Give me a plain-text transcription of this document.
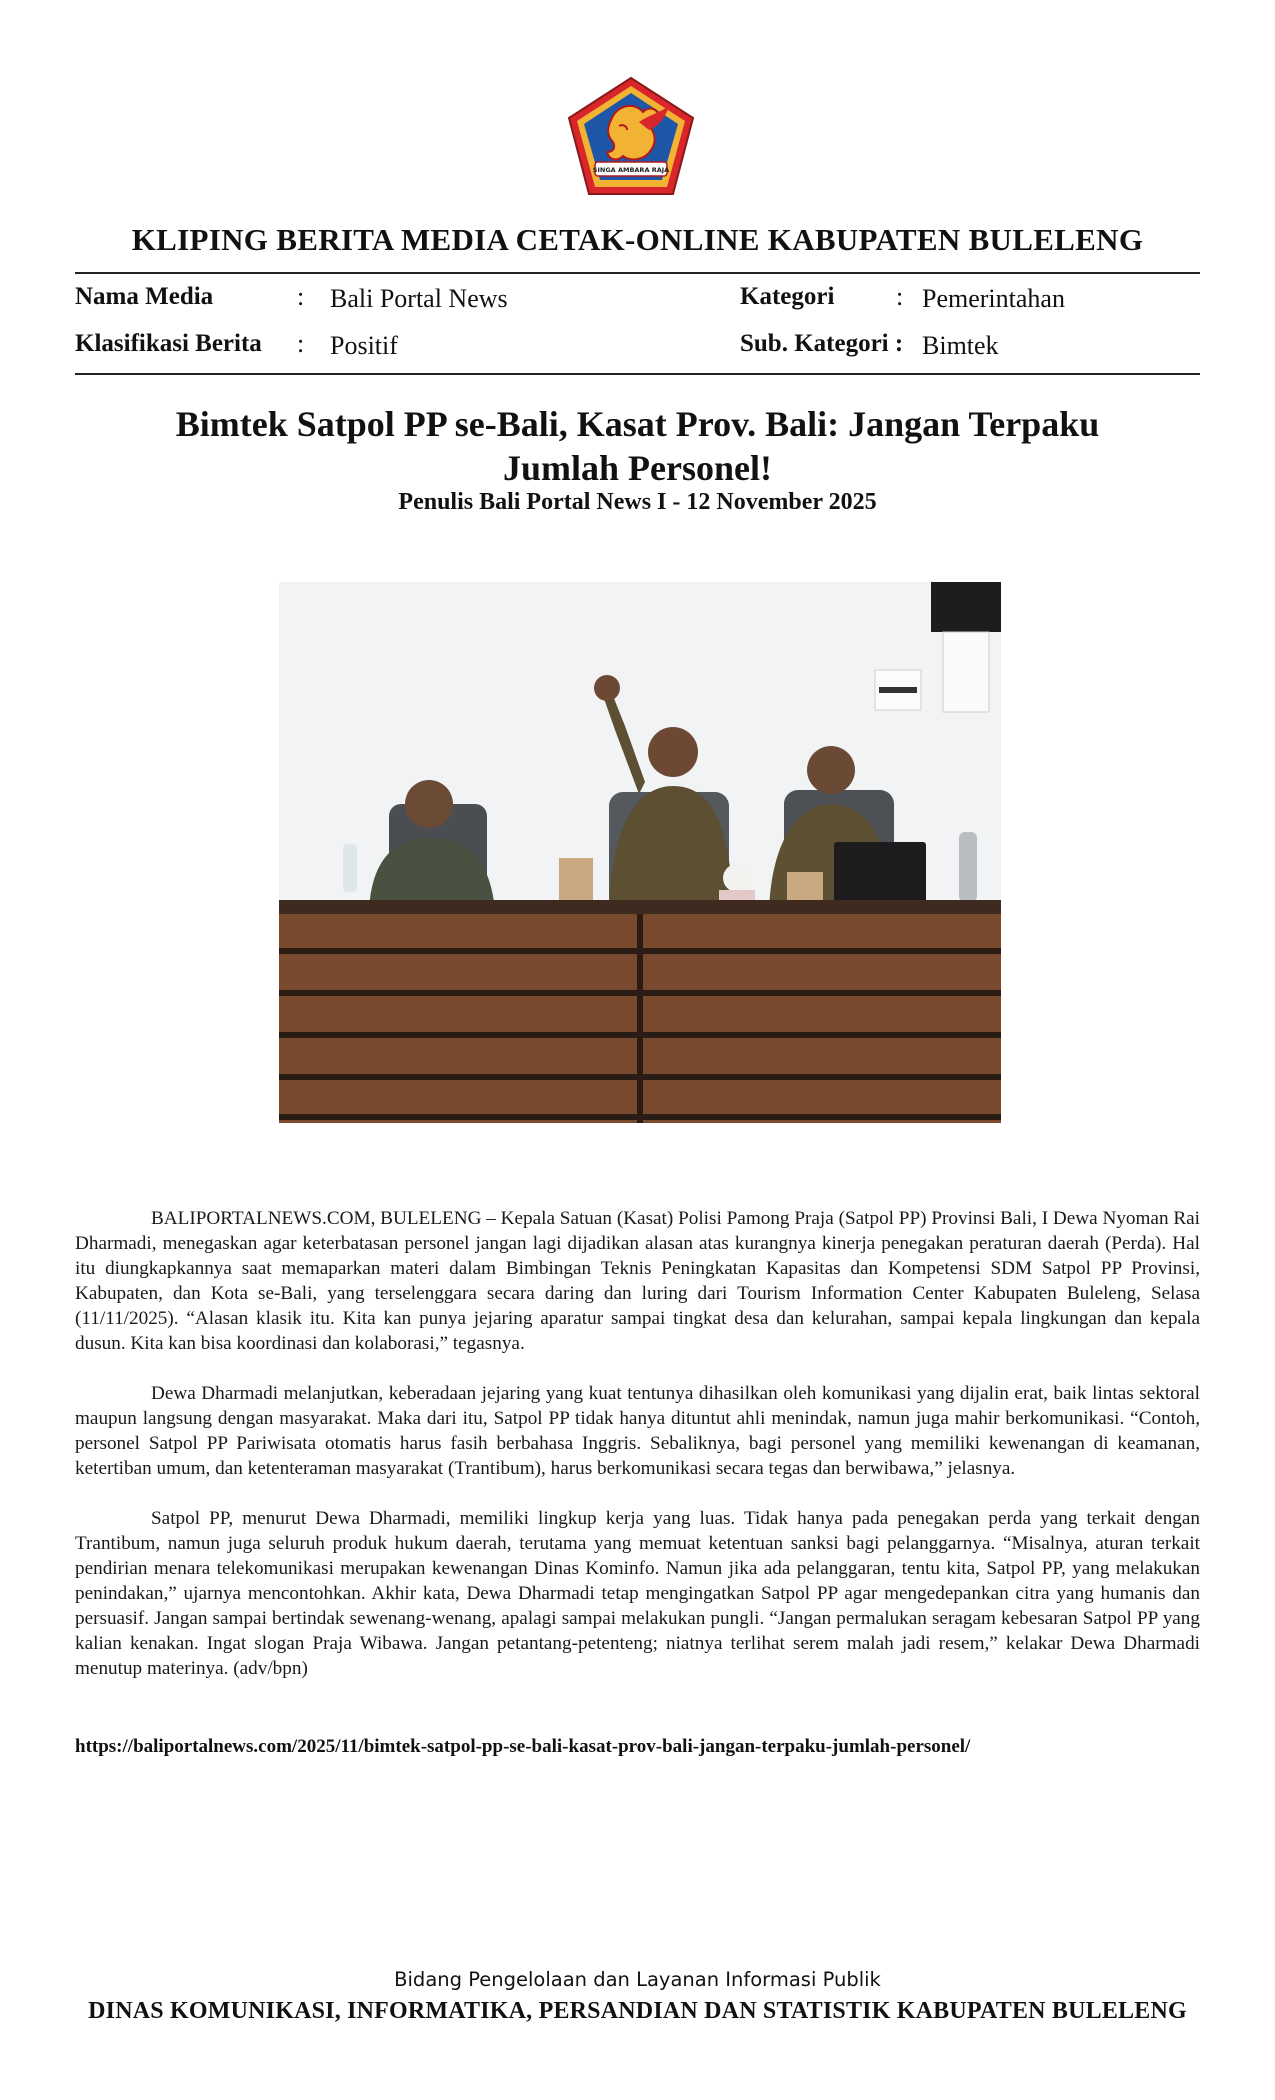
SINGA AMBARA RAJA
KLIPING BERITA MEDIA CETAK-ONLINE KABUPATEN BULELENG
Nama Media	: Bali Portal News
Klasifikasi Berita : Positif
Kategori : Pemerintahan
Sub. Kategori : Bimtek
Bimtek Satpol PP se-Bali, Kasat Prov. Bali: Jangan Terpaku
Jumlah Personel!
Penulis Bali Portal News I - 12 November 2025

BALIPORTALNEWS.COM, BULELENG – Kepala Satuan (Kasat) Polisi Pamong Praja (Satpol PP) Provinsi Bali, I Dewa Nyoman Rai Dharmadi, menegaskan agar keterbatasan personel jangan lagi dijadikan alasan atas kurangnya kinerja penegakan peraturan daerah (Perda). Hal itu diungkapkannya saat memaparkan materi dalam Bimbingan Teknis Peningkatan Kapasitas dan Kompetensi SDM Satpol PP Provinsi, Kabupaten, dan Kota se-Bali, yang terselenggara secara daring dan luring dari Tourism Information Center Kabupaten Buleleng, Selasa (11/11/2025). “Alasan klasik itu. Kita kan punya jejaring aparatur sampai tingkat desa dan kelurahan, sampai kepala lingkungan dan kepala dusun. Kita kan bisa koordinasi dan kolaborasi,” tegasnya.

Dewa Dharmadi melanjutkan, keberadaan jejaring yang kuat tentunya dihasilkan oleh komunikasi yang dijalin erat, baik lintas sektoral maupun langsung dengan masyarakat. Maka dari itu, Satpol PP tidak hanya dituntut ahli menindak, namun juga mahir berkomunikasi. “Contoh, personel Satpol PP Pariwisata otomatis harus fasih berbahasa Inggris. Sebaliknya, bagi personel yang memiliki kewenangan di keamanan, ketertiban umum, dan ketenteraman masyarakat (Trantibum), harus berkomunikasi secara tegas dan berwibawa,” jelasnya.

Satpol PP, menurut Dewa Dharmadi, memiliki lingkup kerja yang luas. Tidak hanya pada penegakan perda yang terkait dengan Trantibum, namun juga seluruh produk hukum daerah, terutama yang memuat ketentuan sanksi bagi pelanggarnya. “Misalnya, aturan terkait pendirian menara telekomunikasi merupakan kewenangan Dinas Kominfo. Namun jika ada pelanggaran, tentu kita, Satpol PP, yang melakukan penindakan,” ujarnya mencontohkan. Akhir kata, Dewa Dharmadi tetap mengingatkan Satpol PP agar mengedepankan citra yang humanis dan persuasif. Jangan sampai bertindak sewenang-wenang, apalagi sampai melakukan pungli. “Jangan permalukan seragam kebesaran Satpol PP yang kalian kenakan. Ingat slogan Praja Wibawa. Jangan petantang-petenteng; niatnya terlihat serem malah jadi resem,” kelakar Dewa Dharmadi menutup materinya. (adv/bpn)

https://baliportalnews.com/2025/11/bimtek-satpol-pp-se-bali-kasat-prov-bali-jangan-terpaku-jumlah-personel/
Bidang Pengelolaan dan Layanan Informasi Publik
DINAS KOMUNIKASI, INFORMATIKA, PERSANDIAN DAN STATISTIK KABUPATEN BULELENG
